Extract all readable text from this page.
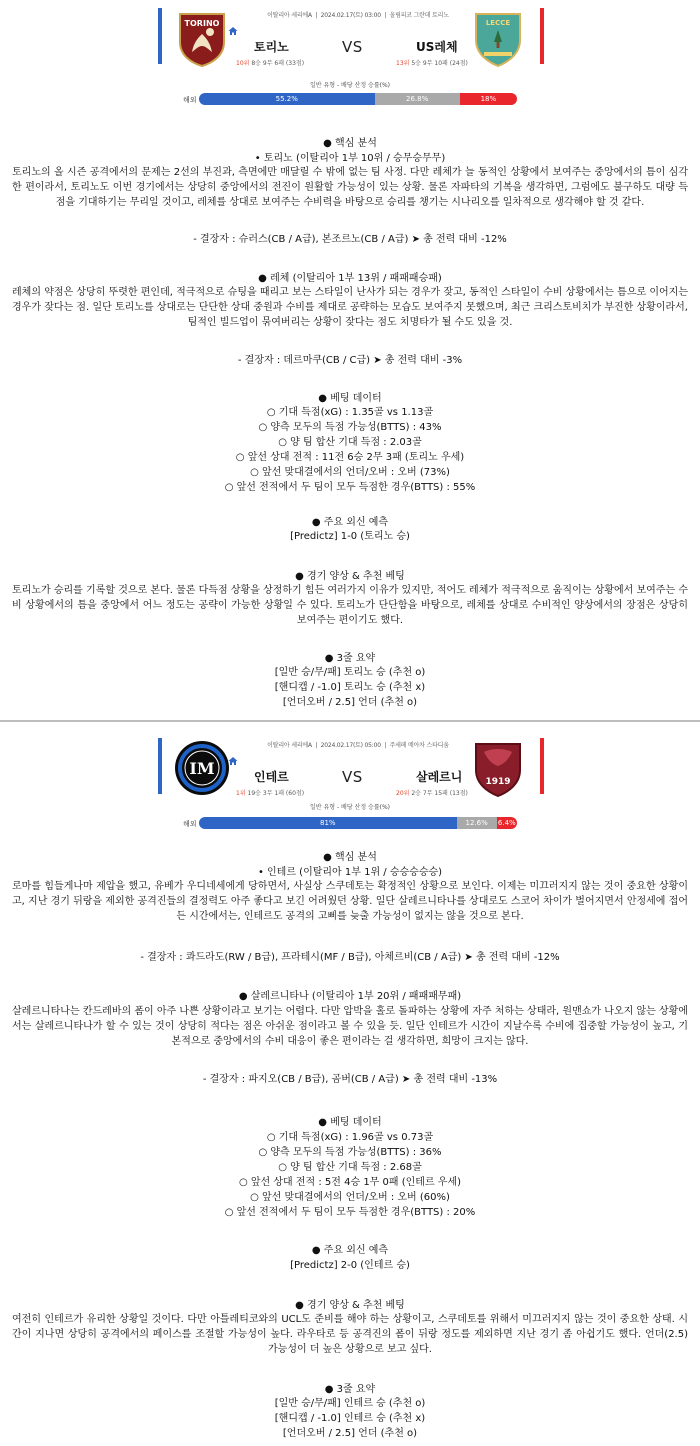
TORINO
이탈리아 세리에A  |  2024.02.17(토) 03:00  |  올림피코 그란데 토리노
토리노	VS	US레체
10위 8승 9무 6패 (33점)	13위 5승 9무 10패 (24점)
LECCE
일반 유형 - 배당 산정 승률(%)
해외	55.2%	26.8%	18%
● 핵심 분석
• 토리노 (이탈리아 1부 10위 / 승무승무무)
토리노의 올 시즌 공격에서의 문제는 2선의 부진과, 측면에만 매달릴 수 밖에 없는 팀 사정. 다만 레체가 늘 동적인 상황에서 보여주는 중앙에서의 틈이 심각한 편이라서, 토리노도 이번 경기에서는 상당히 중앙에서의 전진이 원활할 가능성이 있는 상황. 물론 자파타의 기복을 생각하면, 그럼에도 불구하도 대량 득점을 기대하기는 무리일 것이고, 레체를 상대로 보여주는 수비력을 바탕으로 승리를 챙기는 시나리오를 일차적으로 생각해야 할 것 같다.
- 결장자 : 슈러스(CB / A급), 본조르노(CB / A급) ➤ 총 전력 대비 -12%
● 레체 (이탈리아 1부 13위 / 패패패승패)
레체의 약점은 상당히 뚜렷한 편인데, 적극적으로 슈팅을 때리고 보는 스타일이 난사가 되는 경우가 잦고, 동적인 스타일이 수비 상황에서는 틈으로 이어지는 경우가 잦다는 점. 일단 토리노를 상대로는 단단한 상대 중원과 수비를 제대로 공략하는 모습도 보여주지 못했으며, 최근 크리스토비치가 부진한 상황이라서, 팀적인 빌드업이 묶여버리는 상황이 잦다는 점도 치명타가 될 수도 있을 것.
- 결장자 : 데르마쿠(CB / C급) ➤ 총 전력 대비 -3%
● 베팅 데이터

○ 기대 득점(xG) : 1.35골 vs 1.13골

○ 양측 모두의 득점 가능성(BTTS) : 43%

○ 양 팀 합산 기대 득점 : 2.03골

○ 앞선 상대 전적 : 11전 6승 2무 3패 (토리노 우세)

○ 앞선 맞대결에서의 언더/오버 : 오버 (73%)

○ 앞선 전적에서 두 팀이 모두 득점한 경우(BTTS) : 55%

● 주요 외신 예측
[Predictz] 1-0 (토리노 승)
● 경기 양상 & 추천 베팅
토리노가 승리를 기록할 것으로 본다. 물론 다득점 상황을 상정하기 힘든 여러가지 이유가 있지만, 적어도 레체가 적극적으로 움직이는 상황에서 보여주는 수비 상황에서의 틈을 중앙에서 어느 정도는 공략이 가능한 상황일 수 있다. 토리노가 단단함을 바탕으로, 레체를 상대로 수비적인 양상에서의 장점은 상당히 보여주는 편이기도 했다.
● 3줄 요약

[일반 승/무/패] 토리노 승 (추천 o)

[핸디캡 / -1.0] 토리노 승 (추천 x)

[언더오버 / 2.5] 언더 (추천 o)

IM
이탈리아 세리에A  |  2024.02.17(토) 05:00  |  주세페 메아차 스타디움
인테르	VS	살레르니
1위 19승 3무 1패 (60점)	20위 2승 7무 15패 (13점)
1919
일반 유형 - 배당 산정 승률(%)
해외	81%	12.6%	6.4%
● 핵심 분석
• 인테르 (이탈리아 1부 1위 / 승승승승승)
로마를 힘들게나마 제압을 했고, 유베가 우디네세에게 당하면서, 사실상 스쿠데토는 확정적인 상황으로 보인다. 이제는 미끄러지지 않는 것이 중요한 상황이고, 지난 경기 뒤랑을 제외한 공격진들의 결정력도 아주 좋다고 보긴 어려웠던 상황. 일단 살레르니타나를 상대로도 스코어 차이가 벌어지면서 안정세에 접어든 시간에서는, 인테르도 공격의 고삐를 늦출 가능성이 없지는 않을 것으로 본다.
- 결장자 : 콰드라도(RW / B급), 프라테시(MF / B급), 아체르비(CB / A급) ➤ 총 전력 대비 -12%
● 살레르니타나 (이탈리아 1부 20위 / 패패패무패)
살레르니타나는 칸드레바의 폼이 아주 나쁜 상황이라고 보기는 어렵다. 다만 압박을 홀로 돌파하는 상황에 자주 처하는 상태라, 원맨쇼가 나오지 않는 상황에서는 살레르니타나가 할 수 있는 것이 상당히 적다는 점은 아쉬운 점이라고 볼 수 있을 듯. 일단 인테르가 시간이 지날수록 수비에 집중할 가능성이 높고, 기본적으로 중앙에서의 수비 대응이 좋은 편이라는 걸 생각하면, 희망이 크지는 않다.
- 결장자 : 파지오(CB / B급), 곰버(CB / A급) ➤ 총 전력 대비 -13%
● 베팅 데이터

○ 기대 득점(xG) : 1.96골 vs 0.73골

○ 양측 모두의 득점 가능성(BTTS) : 36%

○ 양 팀 합산 기대 득점 : 2.68골

○ 앞선 상대 전적 : 5전 4승 1무 0패 (인테르 우세)

○ 앞선 맞대결에서의 언더/오버 : 오버 (60%)

○ 앞선 전적에서 두 팀이 모두 득점한 경우(BTTS) : 20%

● 주요 외신 예측
[Predictz] 2-0 (인테르 승)
● 경기 양상 & 추천 베팅
여전히 인테르가 유리한 상황일 것이다. 다만 아틀레티코와의 UCL도 준비를 해야 하는 상황이고, 스쿠데토를 위해서 미끄러지지 않는 것이 중요한 상태. 시간이 지나면 상당히 공격에서의 페이스를 조절할 가능성이 높다. 라우타로 등 공격진의 폼이 뒤랑 정도를 제외하면 지난 경기 좀 아쉽기도 했다. 언더(2.5) 가능성이 더 높은 상황으로 보고 싶다.
● 3줄 요약

[일반 승/무/패] 인테르 승 (추천 o)

[핸디캡 / -1.0] 인테르 승 (추천 x)

[언더오버 / 2.5] 언더 (추천 o)
